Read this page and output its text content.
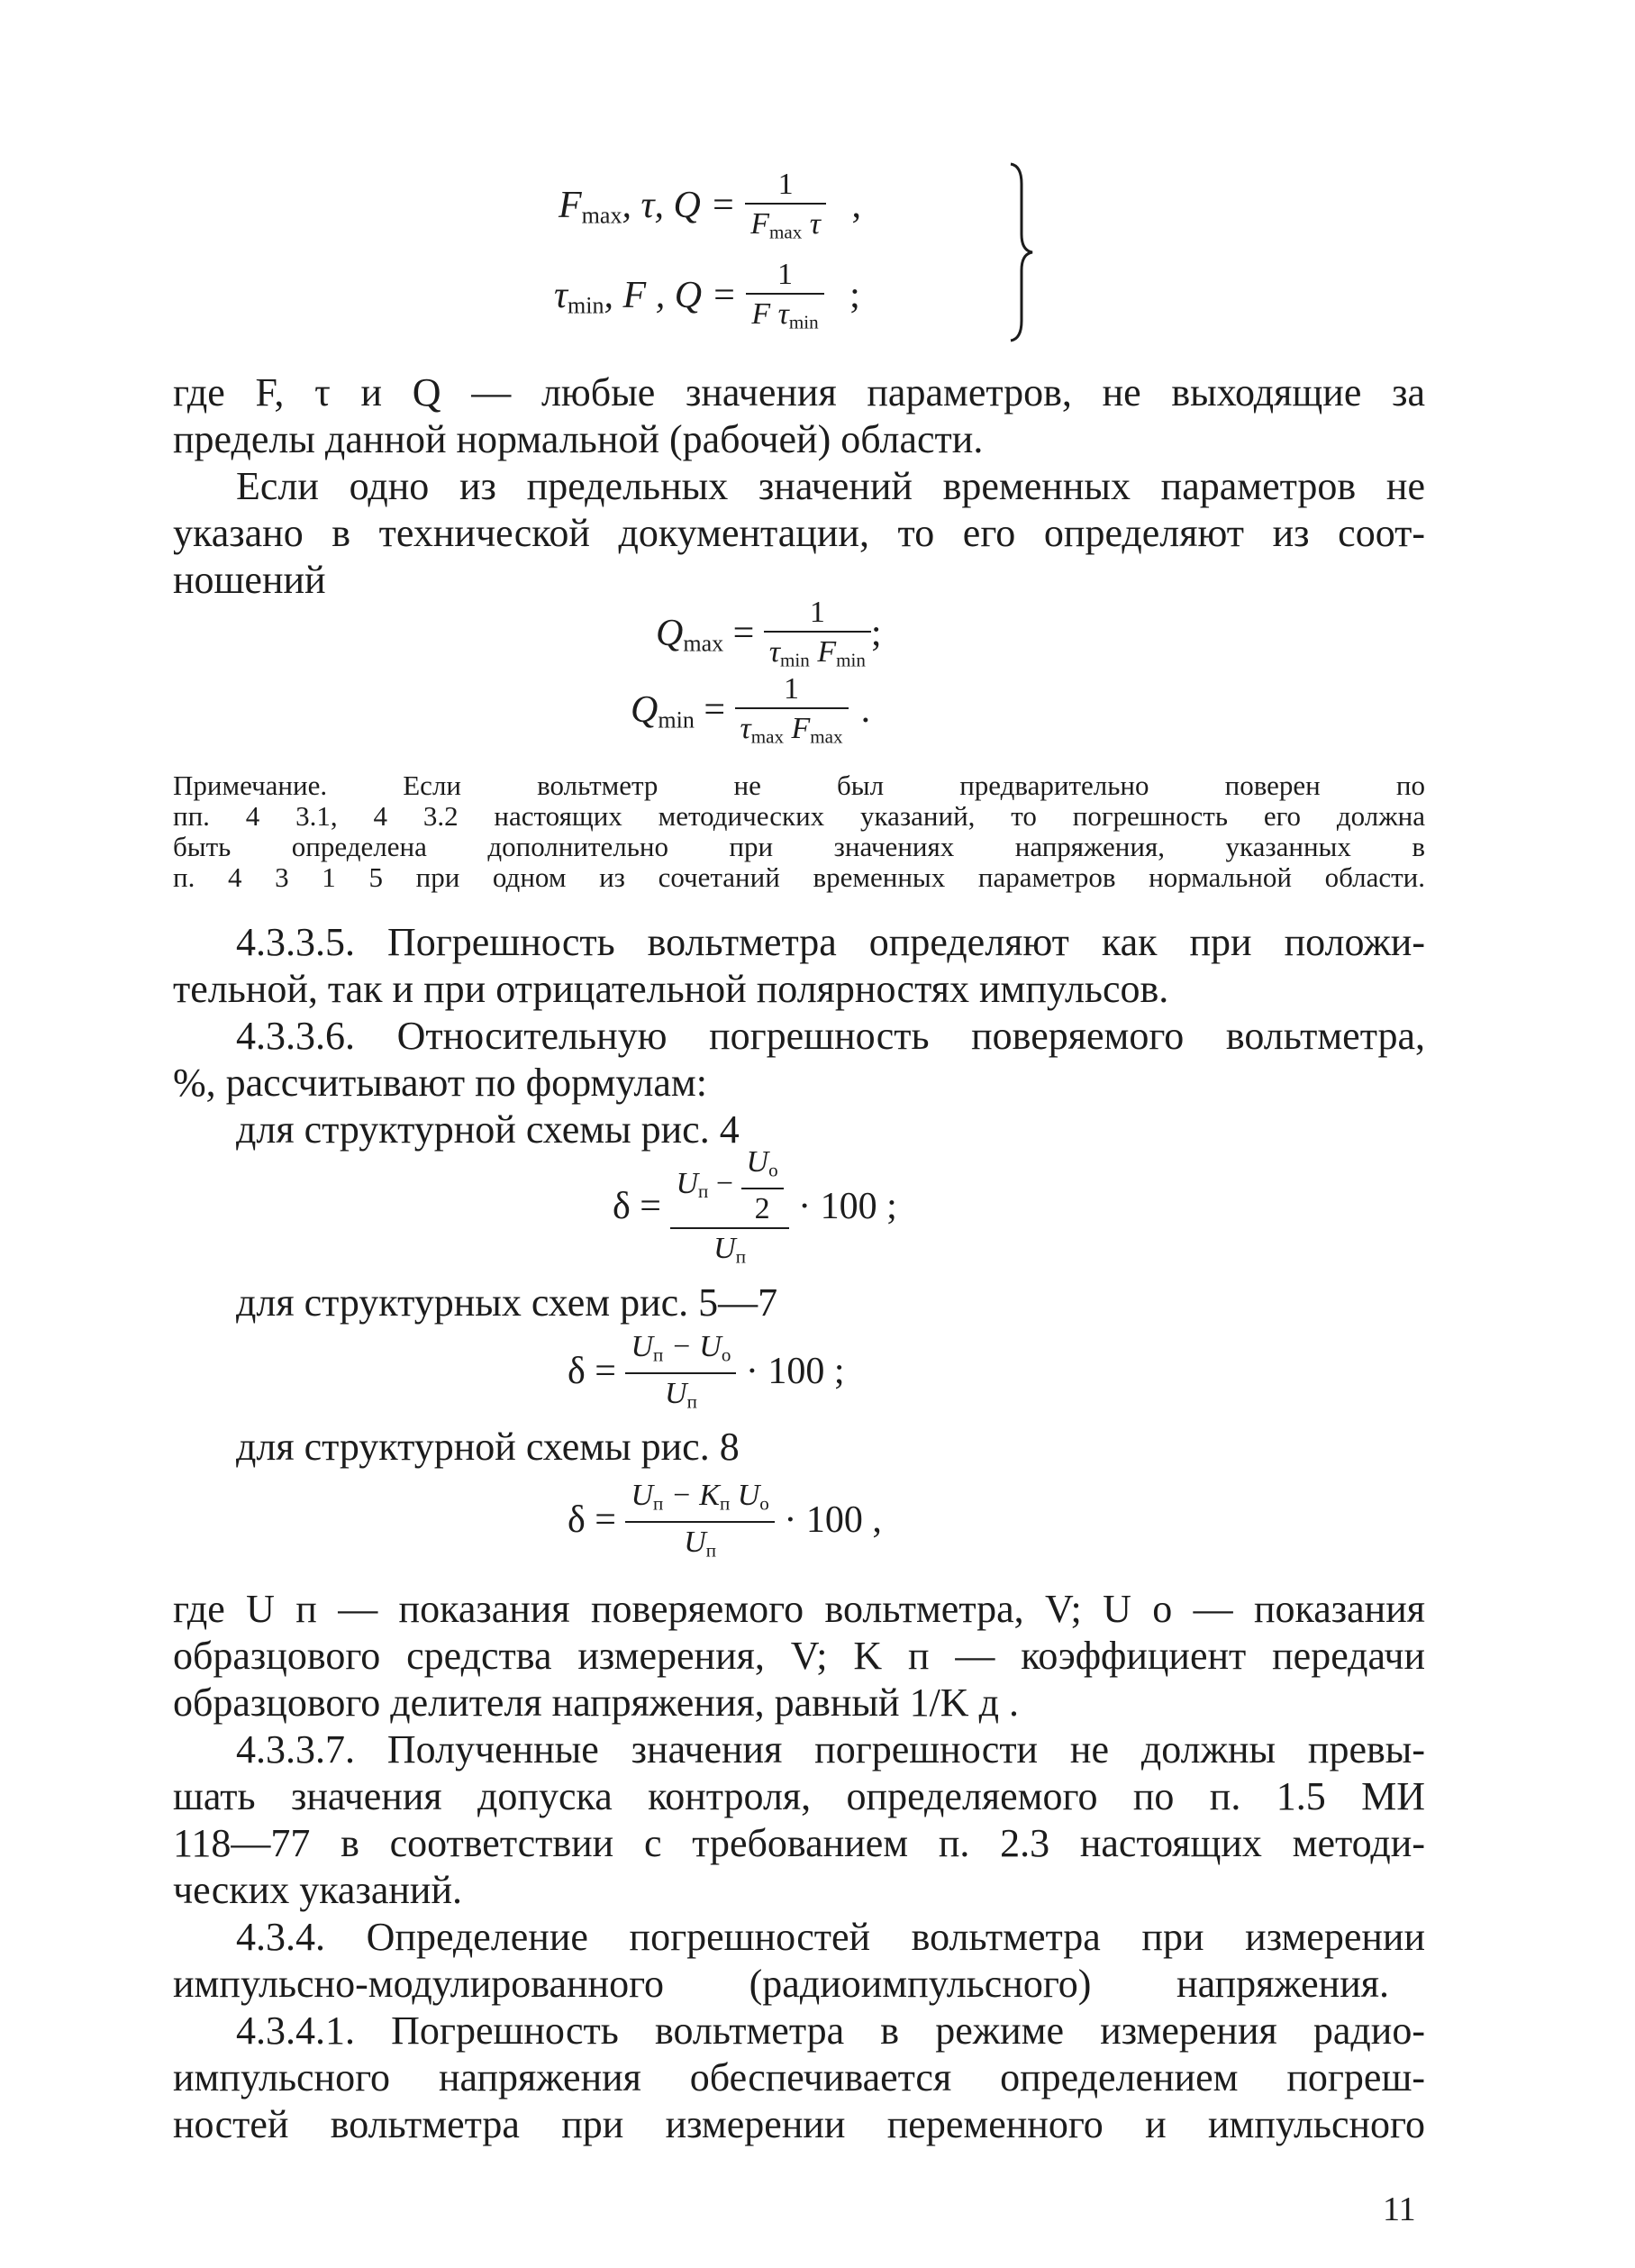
$F_{max}$, τ, $Q = \frac{1}{F_{max} \tau}$ ,
$\tau_{min}$, F , $Q = \frac{1}{F \tau_{min}}$ ;
где F, τ и Q — любые значения параметров, не выходящие за
пределы данной нормальной (рабочей) области.
Если одно из предельных значений временных параметров не
указано в технической документации, то его определяют из соот-
ношений
$Q_{max} = \frac{1}{\tau_{min} F_{min}}$ ;
$Q_{min} = \frac{1}{\tau_{max} F_{max}}$ .
Примечание. Если вольтметр не был предварительно поверен по
пп. 4 3.1, 4 3.2 настоящих методических указаний, то погрешность его должна
быть определена дополнительно при значениях напряжения, указанных в
п. 4 3 1 5 при одном из сочетаний временных параметров нормальной области.
4.3.3.5. Погрешность вольтметра определяют как при положи-
тельной, так и при отрицательной полярностях импульсов.
4.3.3.6. Относительную погрешность поверяемого вольтметра,
%, рассчитывают по формулам:
для структурной схемы рис. 4
$\delta = \frac{U_п - \frac{U_о}{2}}{U_п} \cdot 100$ ;
для структурных схем рис. 5—7
$\delta = \frac{U_п - U_о}{U_п} \cdot 100$ ;
для структурной схемы рис. 8
$\delta = \frac{U_п - K_п U_о}{U_п} \cdot 100$ ,
где U п — показания поверяемого вольтметра, V; U о — показания
образцового средства измерения, V; K п — коэффициент передачи
образцового делителя напряжения, равный 1/K д .
4.3.3.7. Полученные значения погрешности не должны превы-
шать значения допуска контроля, определяемого по п. 1.5 МИ
118—77 в соответствии с требованием п. 2.3 настоящих методи-
ческих указаний.
4.3.4. Определение погрешностей вольтметра при измерении
импульсно-модулированного (радиоимпульсного) напряжения.
4.3.4.1. Погрешность вольтметра в режиме измерения радио-
импульсного напряжения обеспечивается определением погреш-
ностей вольтметра при измерении переменного и импульсного
11
